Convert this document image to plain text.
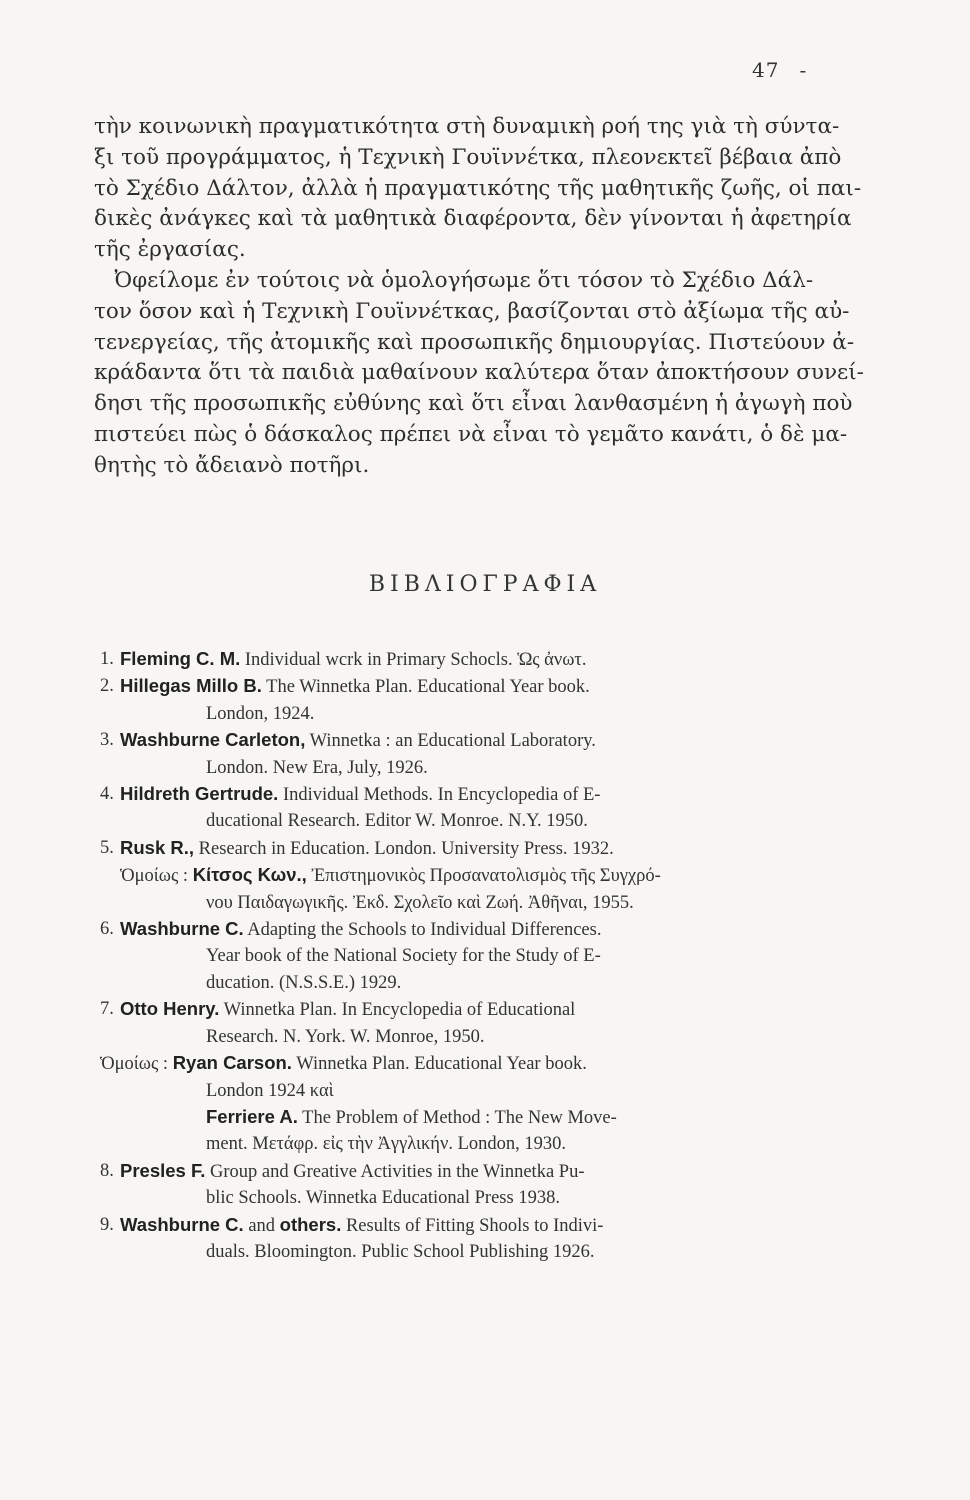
47 -
τὴν κοινωνικὴ πραγματικότητα στὴ δυναμικὴ ροή της γιὰ τὴ σύντα-
ξι τοῦ προγράμματος, ἡ Τεχνικὴ Γουϊννέτκα, πλεονεκτεῖ βέβαια ἀπὸ
τὸ Σχέδιο Δάλτον, ἀλλὰ ἡ πραγματικότης τῆς μαθητικῆς ζωῆς, οἱ παι-
δικὲς ἀνάγκες καὶ τὰ μαθητικὰ διαφέροντα, δὲν γίνονται ἡ ἀφετηρία
τῆς ἐργασίας.
Ὀφείλομε ἐν τούτοις νὰ ὁμολογήσωμε ὅτι τόσον τὸ Σχέδιο Δάλ-
τον ὅσον καὶ ἡ Τεχνικὴ Γουϊννέτκας, βασίζονται στὸ ἀξίωμα τῆς αὐ-
τενεργείας, τῆς ἀτομικῆς καὶ προσωπικῆς δημιουργίας. Πιστεύουν ἀ-
κράδαντα ὅτι τὰ παιδιὰ μαθαίνουν καλύτερα ὅταν ἀποκτήσουν συνεί-
δησι τῆς προσωπικῆς εὐθύνης καὶ ὅτι εἶναι λανθασμένη ἡ ἀγωγὴ ποὺ
πιστεύει πὼς ὁ δάσκαλος πρέπει νὰ εἶναι τὸ γεμᾶτο κανάτι, ὁ δὲ μα-
θητὴς τὸ ἄδειανὸ ποτῆρι.
ΒΙΒΛΙΟΓΡΑΦΙΑ
1. Fleming C. M. Individual wcrk in Primary Schocls. Ὡς ἀνωτ.
2. Hillegas Millo B. The Winnetka Plan. Educational Year book.
London, 1924.
3. Washburne Carleton, Winnetka : an Educational Laboratory.
London. New Era, July, 1926.
4. Hildreth Gertrude. Individual Methods. In Encyclopedia of E-
ducational Research. Editor W. Monroe. N.Y. 1950.
5. Rusk R., Research in Education. London. University Press. 1932.
Ὁμοίως : Κίτσος Κων., Ἐπιστημονικὸς Προσανατολισμὸς τῆς Συγχρό-
νου Παιδαγωγικῆς. Ἐκδ. Σχολεῖο καὶ Ζωή. Ἀθῆναι, 1955.
6. Washburne C. Adapting the Schools to Individual Differences.
Year book of the National Society for the Study of E-
ducation. (N.S.S.E.) 1929.
7. Otto Henry. Winnetka Plan. In Encyclopedia of Educational
Research. N. York. W. Monroe, 1950.
Ὁμοίως : Ryan Carson. Winnetka Plan. Educational Year book.
London 1924 καὶ
Ferriere A. The Problem of Method : The New Move-
ment. Μετάφρ. εἰς τὴν Ἀγγλικήν. London, 1930.
8. Presles F. Group and Greative Activities in the Winnetka Pu-
blic Schools. Winnetka Educational Press 1938.
9. Washburne C. and others. Results of Fitting Shools to Indivi-
duals. Bloomington. Public School Publishing 1926.
